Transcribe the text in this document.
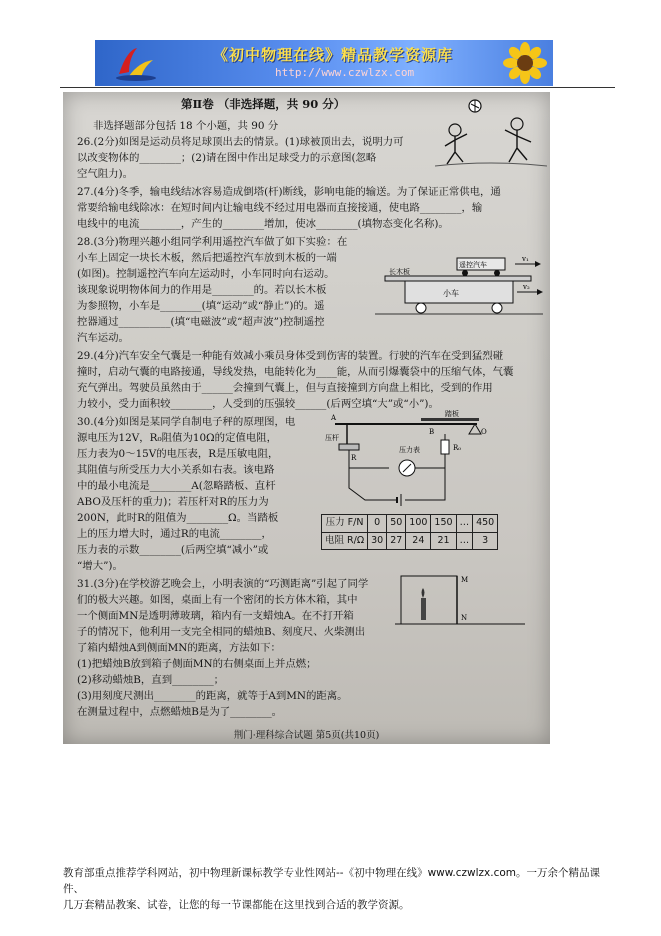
《初中物理在线》精品教学资源库
http://www.czwlzx.com
第Ⅱ卷 （非选择题，共 90 分）
遥控汽车
v₁
长木板
小车
v₂
踏板
A
B	O
压杆
R
压力表	R₀
M
N
压力 F/N	0	50	100	150	…	450
电阻 R/Ω	30	27	24	21	…	3
非选择题部分包括 18 个小题，共 90 分
26.(2分)如图是运动员将足球顶出去的情景。(1)球被顶出去，说明力可
以改变物体的________；(2)请在图中作出足球受力的示意图(忽略
空气阻力)。
27.(4分)冬季，输电线结冰容易造成倒塔(杆)断线，影响电能的输送。为了保证正常供电，通
常要给输电线除冰：在短时间内让输电线不经过用电器而直接接通，使电路________，输
电线中的电流________，产生的________增加，使冰________(填物态变化名称)。
28.(3分)物理兴趣小组同学利用遥控汽车做了如下实验：在
小车上固定一块长木板，然后把遥控汽车放到木板的一端
(如图)。控制遥控汽车向左运动时，小车同时向右运动。
该现象说明物体间力的作用是________的。若以长木板
为参照物，小车是________(填“运动”或“静止”)的。遥
控器通过__________(填“电磁波”或“超声波”)控制遥控
汽车运动。
29.(4分)汽车安全气囊是一种能有效减小乘员身体受到伤害的装置。行驶的汽车在受到猛烈碰
撞时，启动气囊的电路接通，导线发热，电能转化为____能，从而引爆囊袋中的压缩气体，气囊
充气弹出。驾驶员虽然由于______会撞到气囊上，但与直接撞到方向盘上相比，受到的作用
力较小，受力面积较________，人受到的压强较______(后两空填“大”或“小”)。
30.(4分)如图是某同学自制电子秤的原理图，电
源电压为12V，R₀阻值为10Ω的定值电阻，
压力表为0～15V的电压表，R是压敏电阻，
其阻值与所受压力大小关系如右表。该电路
中的最小电流是________A(忽略踏板、直杆
ABO及压杆的重力)；若压杆对R的压力为
200N，此时R的阻值为________Ω。当踏板
上的压力增大时，通过R的电流________，
压力表的示数________(后两空填“减小”或
“增大”)。
31.(3分)在学校游艺晚会上，小明表演的“巧测距离”引起了同学
们的极大兴趣。如图，桌面上有一个密闭的长方体木箱，其中
一个侧面MN是透明薄玻璃，箱内有一支蜡烛A。在不打开箱
子的情况下，他利用一支完全相同的蜡烛B、刻度尺、火柴测出
了箱内蜡烛A到侧面MN的距离，方法如下：
(1)把蜡烛B放到箱子侧面MN的右侧桌面上并点燃；
(2)移动蜡烛B，直到________；
(3)用刻度尺测出________的距离，就等于A到MN的距离。
在测量过程中，点燃蜡烛B是为了________。
荆门·理科综合试题 第5页(共10页)
教育部重点推荐学科网站，初中物理新课标教学专业性网站--《初中物理在线》www.czwlzx.com。一万余个精品课件、
几万套精品教案、试卷，让您的每一节课都能在这里找到合适的教学资源。
